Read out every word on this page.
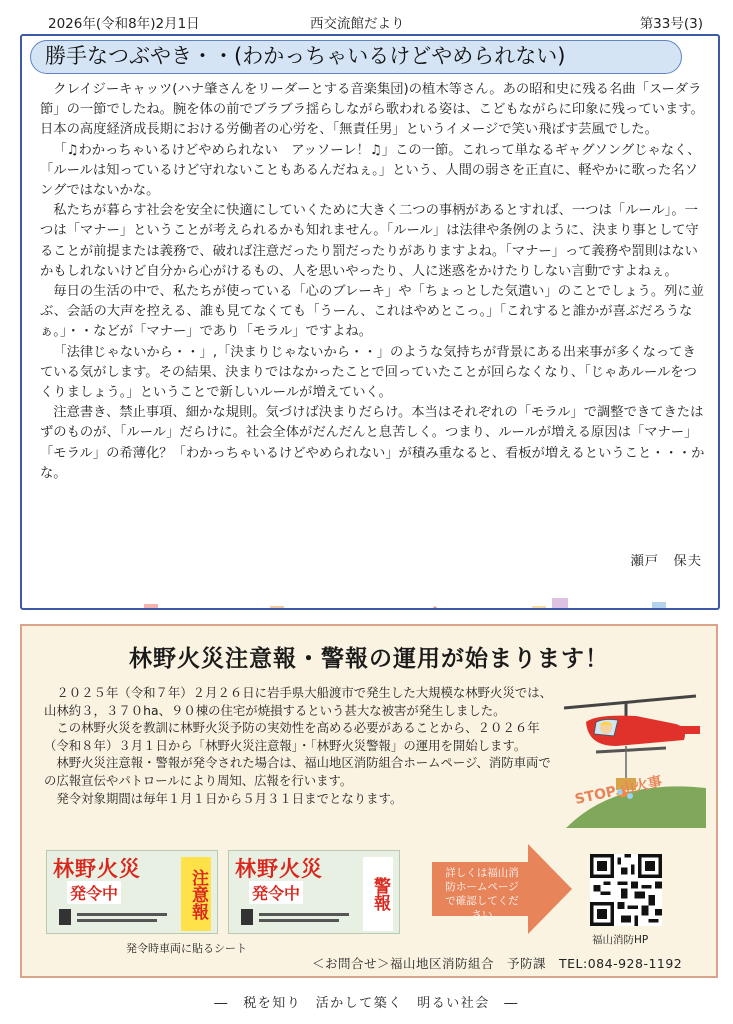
2026年(令和8年)2月1日	西交流館だより	第33号(3)
勝手なつぶやき・・(わかっちゃいるけどやめられない)

クレイジーキャッツ(ハナ肇さんをリーダーとする音楽集団)の植木等さん。あの昭和史に残る名曲「スーダラ節」の一節でしたね。腕を体の前でブラブラ揺らしながら歌われる姿は、こどもながらに印象に残っています。日本の高度経済成長期における労働者の心労を、「無責任男」というイメージで笑い飛ばす芸風でした。

「♫わかっちゃいるけどやめられない　アッソーレ！♫」この一節。これって単なるギャグソングじゃなく、「ルールは知っているけど守れないこともあるんだねぇ。」という、人間の弱さを正直に、軽やかに歌った名ソングではないかな。

私たちが暮らす社会を安全に快適にしていくために大きく二つの事柄があるとすれば、一つは「ルール」。一つは「マナー」ということが考えられるかも知れません。「ルール」は法律や条例のように、決まり事として守ることが前提または義務で、破れば注意だったり罰だったりがありますよね。「マナー」って義務や罰則はないかもしれないけど自分から心がけるもの、人を思いやったり、人に迷惑をかけたりしない言動ですよねぇ。

毎日の生活の中で、私たちが使っている「心のブレーキ」や「ちょっとした気遣い」のことでしょう。列に並ぶ、会話の大声を控える、誰も見てなくても「うーん、これはやめとこっ。」「これすると誰かが喜ぶだろうなぁ。」・・などが「マナー」であり「モラル」ですよね。

「法律じゃないから・・」,「決まりじゃないから・・」のような気持ちが背景にある出来事が多くなってきている気がします。その結果、決まりではなかったことで回っていたことが回らなくなり、「じゃあルールをつくりましょう。」ということで新しいルールが増えていく。

注意書き、禁止事項、細かな規則。気づけば決まりだらけ。本当はそれぞれの「モラル」で調整できてきたはずのものが、「ルール」だらけに。社会全体がだんだんと息苦しく。つまり、ルールが増える原因は「マナー」「モラル」の希薄化？「わかっちゃいるけどやめられない」が積み重なると、看板が増えるということ・・・かな。

瀬戸　保夫
林野火災注意報・警報の運用が始まります！

２０２５年（令和７年）２月２６日に岩手県大船渡市で発生した大規模な林野火災では、山林約３，３７０ha、９０棟の住宅が焼損するという甚大な被害が発生しました。

この林野火災を教訓に林野火災予防の実効性を高める必要があることから、２０２６年（令和８年）３月１日から「林野火災注意報」・「林野火災警報」の運用を開始します。

林野火災注意報・警報が発令された場合は、福山地区消防組合ホームページ、消防車両での広報宣伝やパトロールにより周知、広報を行います。

発令対象期間は毎年１月１日から５月３１日までとなります。	STOP 山火事
林野火災
発令中	注意報 林野火災
発令中	警報
発令時車両に貼るシート
詳しくは福山消防ホームページで確認してください
福山消防HP
＜お問合せ＞福山地区消防組合　予防課　TEL:084-928-1192
―　税を知り　活かして築く　明るい社会　―
